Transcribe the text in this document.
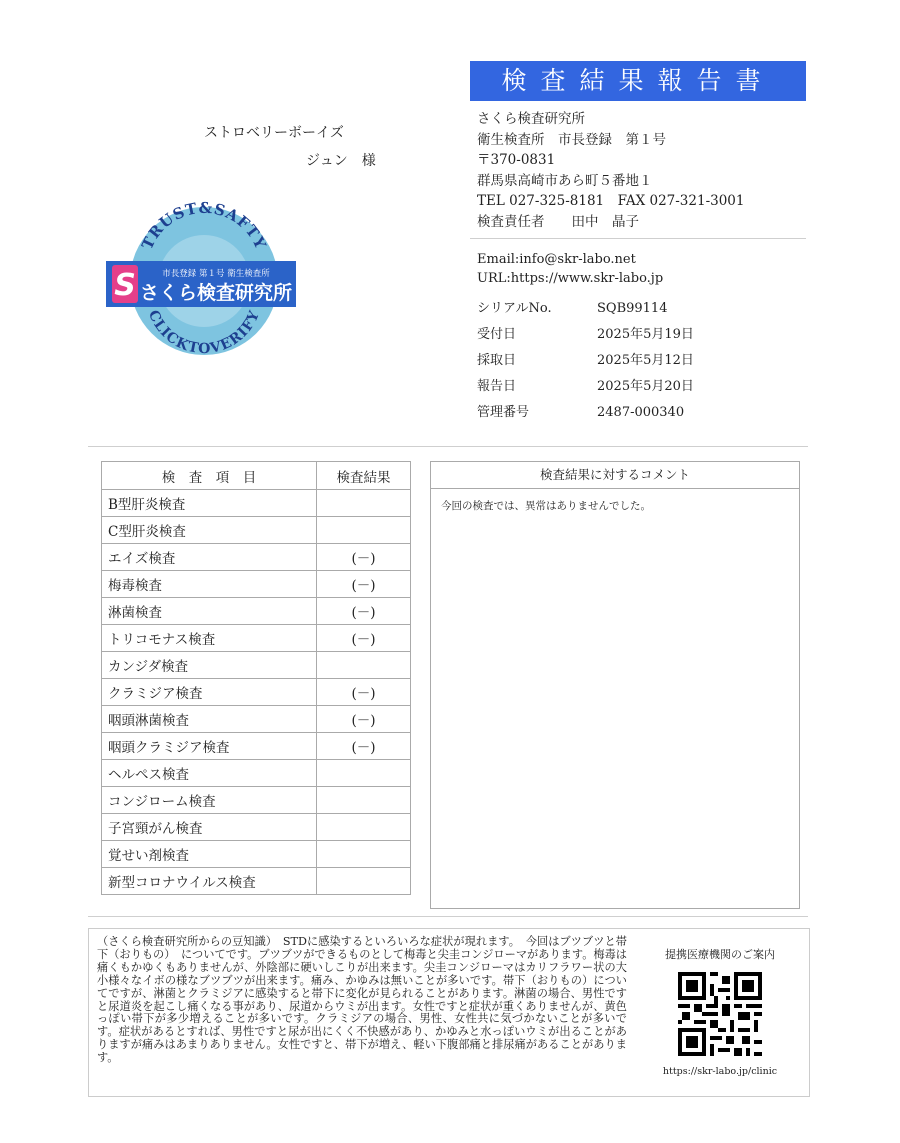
検査結果報告書
ストロベリーボーイズ
ジュン　様
TRUST&SAFTY
CLICKTOVERIFY
S	市長登録 第１号 衛生検査所
さくら検査研究所
さくら検査研究所
衛生検査所　市長登録　第１号
〒370-0831
群馬県高崎市あら町５番地１
TEL 027-325-8181　FAX 027-321-3001
検査責任者　　田中　晶子
Email:info@skr-labo.net
URL:https://www.skr-labo.jp
シリアルNo.	SQB99114
受付日	2025年5月19日
採取日	2025年5月12日
報告日	2025年5月20日
管理番号	2487-000340
検　査　項　目	検査結果
B型肝炎検査	
C型肝炎検査	
エイズ検査	(－)
梅毒検査	(－)
淋菌検査	(－)
トリコモナス検査	(－)
カンジダ検査	
クラミジア検査	(－)
咽頭淋菌検査	(－)
咽頭クラミジア検査	(－)
ヘルペス検査	
コンジローム検査	
子宮頸がん検査	
覚せい剤検査	
新型コロナウイルス検査	
検査結果に対するコメント
今回の検査では、異常はありませんでした。
（さくら検査研究所からの豆知識）　STDに感染するといろいろな症状が現れます。　今回はブツブツと帯下（おりもの）　についてです。ブツブツができるものとして梅毒と尖圭コンジローマがあります。梅毒は痛くもかゆくもありませんが、外陰部に硬いしこりが出来ます。尖圭コンジローマはカリフラワー状の大小様々なイボの様なブツブツが出来ます。痛み、かゆみは無いことが多いです。帯下（おりもの）についてですが、淋菌とクラミジアに感染すると帯下に変化が見られることがあります。淋菌の場合、男性ですと尿道炎を起こし痛くなる事があり、尿道からウミが出ます。女性ですと症状が重くありませんが、黄色っぽい帯下が多少増えることが多いです。クラミジアの場合、男性、女性共に気づかないことが多いです。症状があるとすれば、男性ですと尿が出にくく不快感があり、かゆみと水っぽいウミが出ることがありますが痛みはあまりありません。女性ですと、帯下が増え、軽い下腹部痛と排尿痛があることがあります。
提携医療機関のご案内
https://skr-labo.jp/clinic
